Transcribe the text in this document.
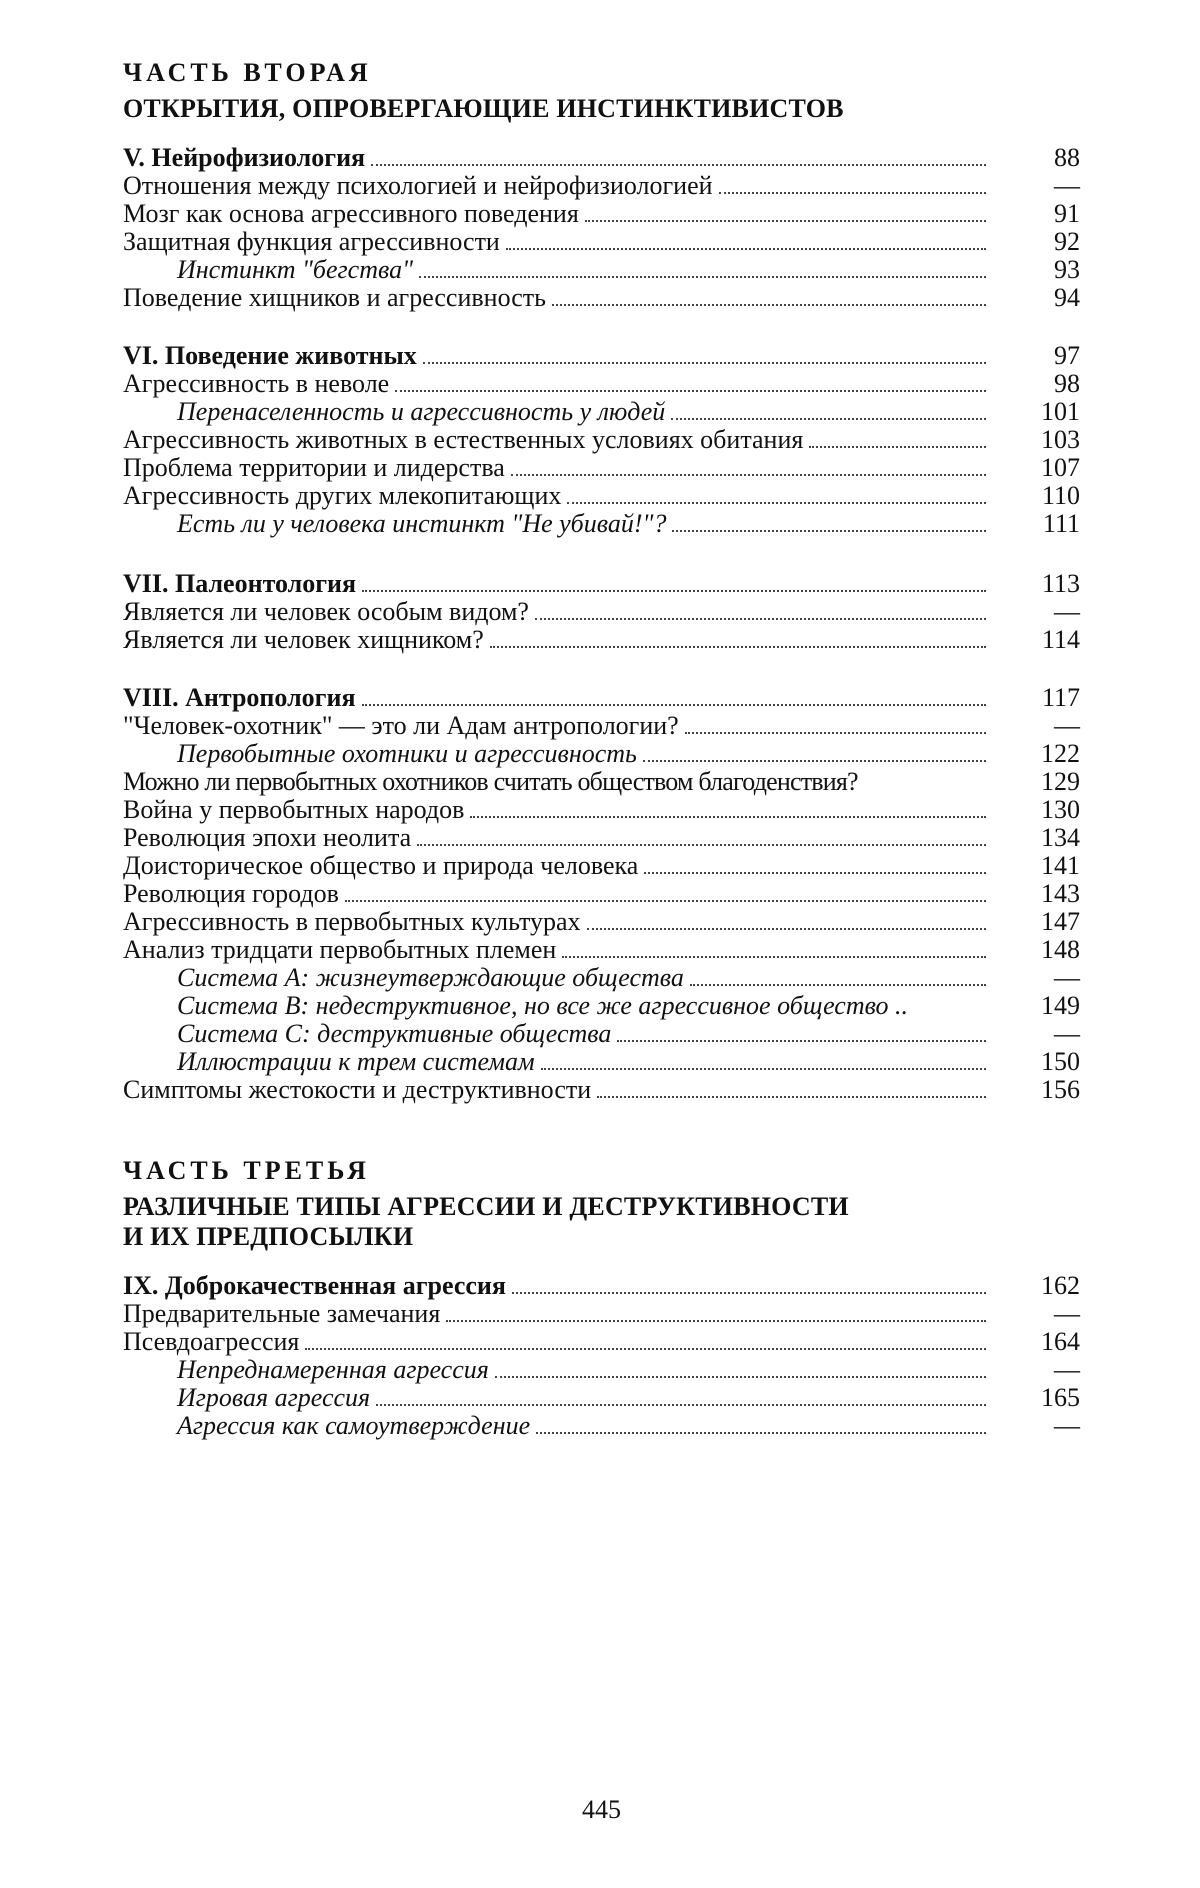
ЧАСТЬ ВТОРАЯ
ОТКРЫТИЯ, ОПРОВЕРГАЮЩИЕ ИНСТИНКТИВИСТОВ
V. Нейрофизиология	88
Отношения между психологией и нейрофизиологией	—
Мозг как основа агрессивного поведения	91
Защитная функция агрессивности	92
Инстинкт "бегства"	93
Поведение хищников и агрессивность	94
VI. Поведение животных	97
Агрессивность в неволе	98
Перенаселенность и агрессивность у людей	101
Агрессивность животных в естественных условиях обитания	103
Проблема территории и лидерства	107
Агрессивность других млекопитающих	110
Есть ли у человека инстинкт "Не убивай!"?	111
VII. Палеонтология	113
Является ли человек особым видом?	—
Является ли человек хищником?	114
VIII. Антропология	117
"Человек-охотник" — это ли Адам антропологии?	—
Первобытные охотники и агрессивность	122
Можно ли первобытных охотников считать обществом благоденствия?	129
Война у первобытных народов	130
Революция эпохи неолита	134
Доисторическое общество и природа человека	141
Революция городов	143
Агрессивность в первобытных культурах	147
Анализ тридцати первобытных племен	148
Система А: жизнеутверждающие общества	—
Система В: недеструктивное, но все же агрессивное общество ..	149
Система С: деструктивные общества	—
Иллюстрации к трем системам	150
Симптомы жестокости и деструктивности	156
ЧАСТЬ ТРЕТЬЯ
РАЗЛИЧНЫЕ ТИПЫ АГРЕССИИ И ДЕСТРУКТИВНОСТИ
И ИХ ПРЕДПОСЫЛКИ
IX. Доброкачественная агрессия	162
Предварительные замечания	—
Псевдоагрессия	164
Непреднамеренная агрессия	—
Игровая агрессия	165
Агрессия как самоутверждение	—
445
